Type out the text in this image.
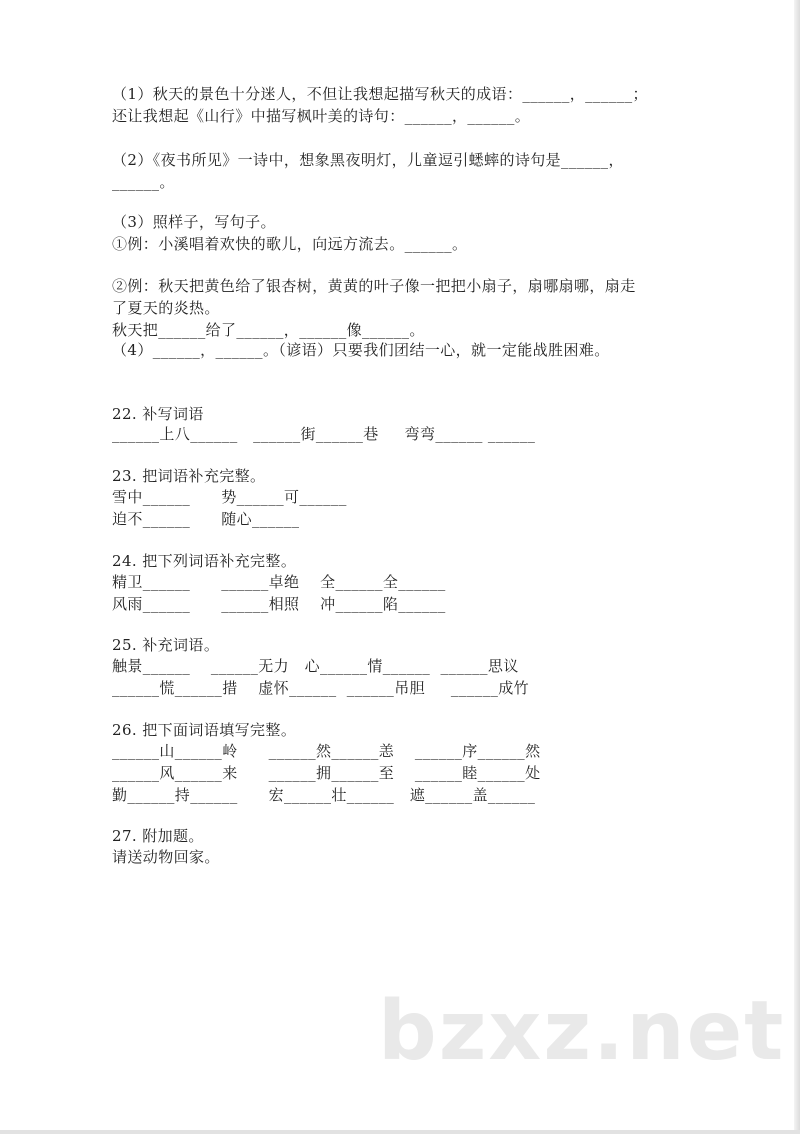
（1）秋天的景色十分迷人，不但让我想起描写秋天的成语：______，______；
还让我想起《山行》中描写枫叶美的诗句：______，______。
（2）《夜书所见》一诗中，想象黑夜明灯，儿童逗引蟋蟀的诗句是______，
______。
（3）照样子，写句子。
①例：小溪唱着欢快的歌儿，向远方流去。______。
②例：秋天把黄色给了银杏树，黄黄的叶子像一把把小扇子，扇哪扇哪，扇走
了夏天的炎热。
秋天把______给了______，______像______。
（4）______，______。（谚语）只要我们团结一心，就一定能战胜困难。
22. 补写词语
______上八______   ______街______巷     弯弯______ ______
23. 把词语补充完整。
雪中______      势______可______
迫不______      随心______
24. 把下列词语补充完整。
精卫______      ______卓绝    全______全______
风雨______      ______相照    冲______陷______
25. 补充词语。
触景______    ______无力   心______情______  ______思议
______慌______措    虚怀______  ______吊胆     ______成竹
26. 把下面词语填写完整。
______山______岭      ______然______恙    ______序______然
______风______来      ______拥______至    ______睦______处
勤______持______      宏______壮______   遮______盖______
27. 附加题。
请送动物回家。
bzxz.net
